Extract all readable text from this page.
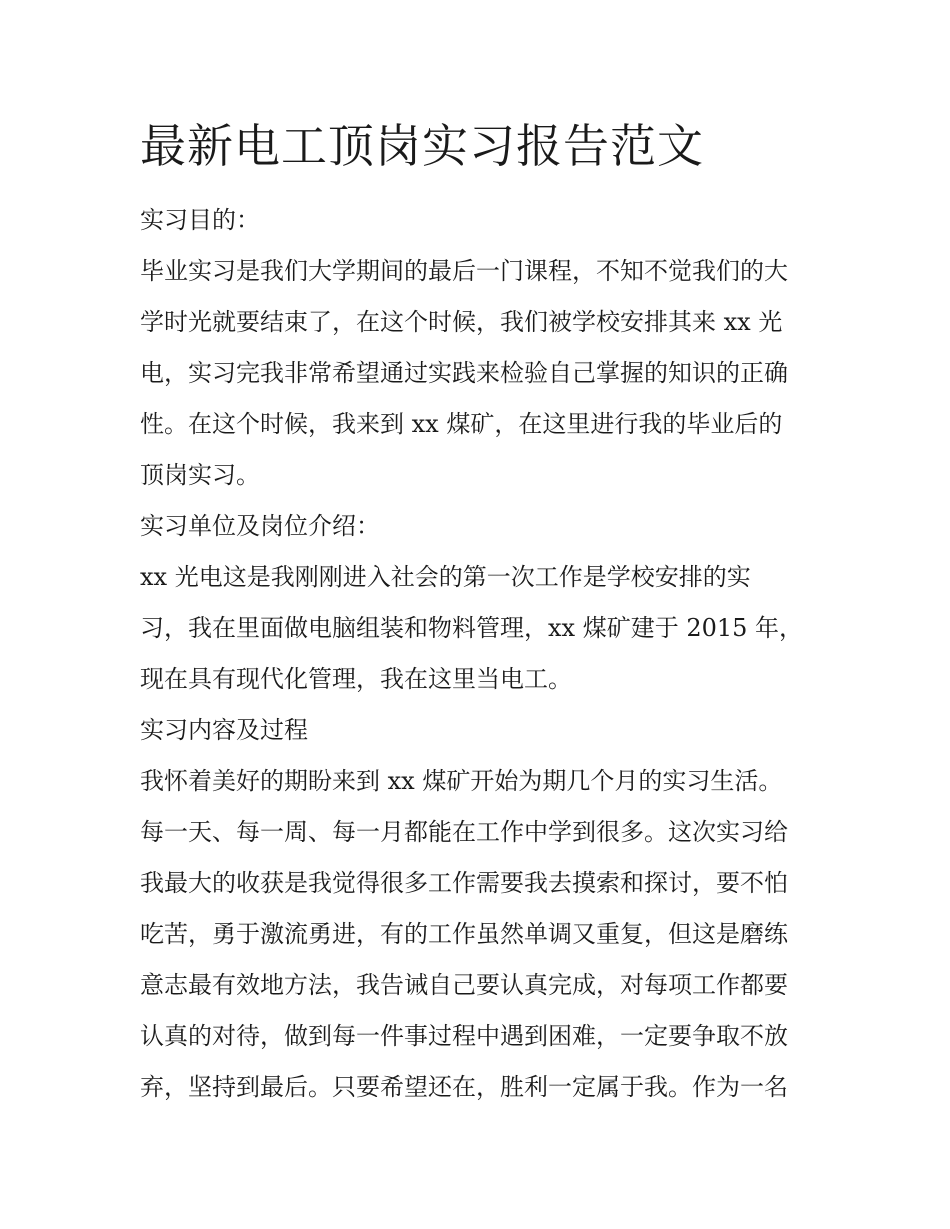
最新电工顶岗实习报告范文

实习目的：

毕业实习是我们大学期间的最后一门课程，不知不觉我们的大

学时光就要结束了，在这个时候，我们被学校安排其来 xx 光

电，实习完我非常希望通过实践来检验自己掌握的知识的正确

性。在这个时候，我来到 xx 煤矿，在这里进行我的毕业后的

顶岗实习。

实习单位及岗位介绍：

xx 光电这是我刚刚进入社会的第一次工作是学校安排的实

习，我在里面做电脑组装和物料管理，xx 煤矿建于 2015 年，

现在具有现代化管理，我在这里当电工。

实习内容及过程

我怀着美好的期盼来到 xx 煤矿开始为期几个月的实习生活。

每一天、每一周、每一月都能在工作中学到很多。这次实习给

我最大的收获是我觉得很多工作需要我去摸索和探讨，要不怕

吃苦，勇于激流勇进，有的工作虽然单调又重复，但这是磨练

意志最有效地方法，我告诫自己要认真完成，对每项工作都要

认真的对待，做到每一件事过程中遇到困难，一定要争取不放

弃，坚持到最后。只要希望还在，胜利一定属于我。作为一名
